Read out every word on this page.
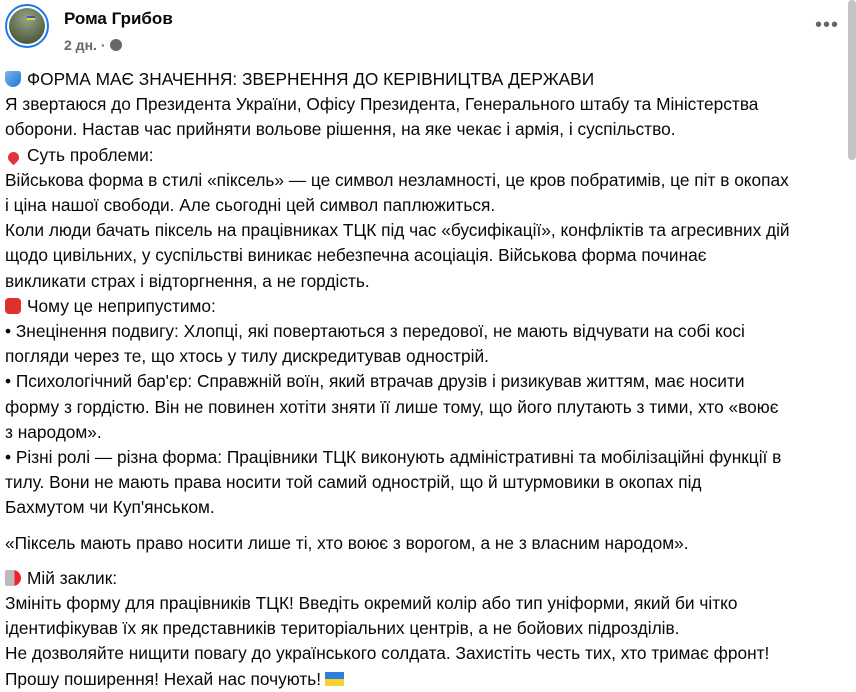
Рома Грибов
2 дн. ·
•••
ФОРМА МАЄ ЗНАЧЕННЯ: ЗВЕРНЕННЯ ДО КЕРІВНИЦТВА ДЕРЖАВИ
Я звертаюся до Президента України, Офісу Президента, Генерального штабу та Міністерства
оборони. Настав час прийняти вольове рішення, на яке чекає і армія, і суспільство.
Суть проблеми:
Військова форма в стилі «піксель» — це символ незламності, це кров побратимів, це піт в окопах
і ціна нашої свободи. Але сьогодні цей символ паплюжиться.
Коли люди бачать піксель на працівниках ТЦК під час «бусифікації», конфліктів та агресивних дій
щодо цивільних, у суспільстві виникає небезпечна асоціація. Військова форма починає
викликати страх і відторгнення, а не гордість.
Чому це неприпустимо:
• Знецінення подвигу: Хлопці, які повертаються з передової, не мають відчувати на собі косі
погляди через те, що хтось у тилу дискредитував однострій.
• Психологічний бар'єр: Справжній воїн, який втрачав друзів і ризикував життям, має носити
форму з гордістю. Він не повинен хотіти зняти її лише тому, що його плутають з тими, хто «воює
з народом».
• Різні ролі — різна форма: Працівники ТЦК виконують адміністративні та мобілізаційні функції в
тилу. Вони не мають права носити той самий однострій, що й штурмовики в окопах під
Бахмутом чи Куп'янськом.
«Піксель мають право носити лише ті, хто воює з ворогом, а не з власним народом».
Мій заклик:
Змініть форму для працівників ТЦК! Введіть окремий колір або тип уніформи, який би чітко
ідентифікував їх як представників територіальних центрів, а не бойових підрозділів.
Не дозволяйте нищити повагу до українського солдата. Захистіть честь тих, хто тримає фронт!
Прошу поширення! Нехай нас почують!
